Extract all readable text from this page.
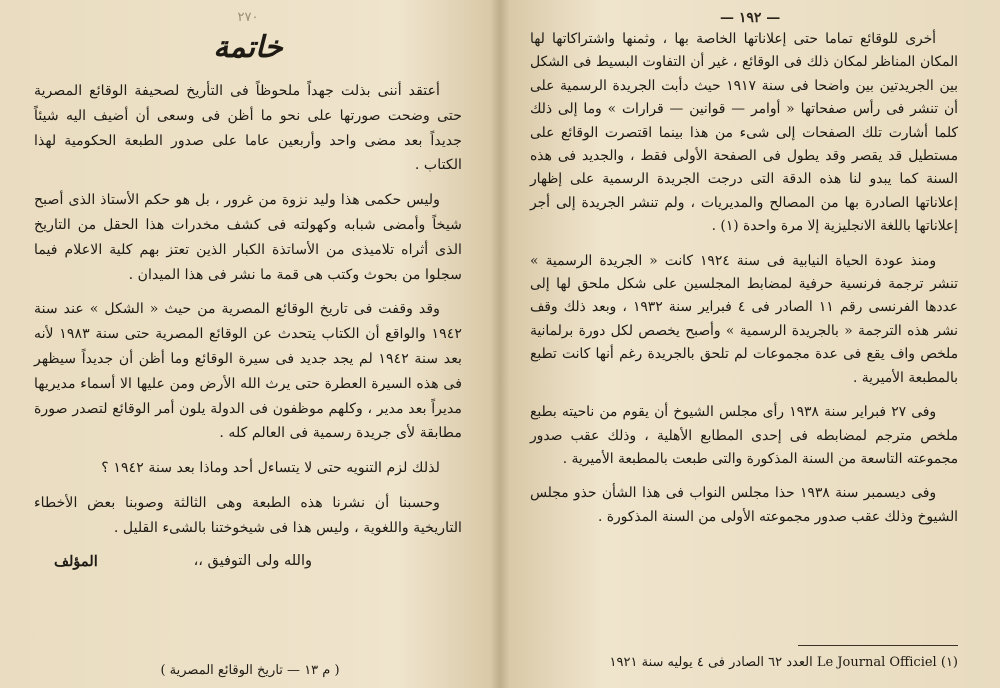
٢٧٠
خاتمة

أعتقد أننى بذلت جهداً ملحوظاً فى التأريخ لصحيفة الوقائع المصرية حتى وضحت صورتها على نحو ما أظن فى وسعى أن أضيف اليه شيئاً جديداً بعد مضى واحد وأربعين عاما على صدور الطبعة الحكومية لهذا الكتاب .

وليس حكمى هذا وليد نزوة من غرور ، بل هو حكم الأستاذ الذى أصبح شيخاً وأمضى شبابه وكهولته فى كشف مخدرات هذا الحقل من التاريخ الذى أثراه تلاميذى من الأساتذة الكبار الذين تعتز بهم كلية الاعلام فيما سجلوا من بحوث وكتب هى قمة ما نشر فى هذا الميدان .

وقد وقفت فى تاريخ الوقائع المصرية من حيث « الشكل » عند سنة ١٩٤٢ والواقع أن الكتاب يتحدث عن الوقائع المصرية حتى سنة ١٩٨٣ لأنه بعد سنة ١٩٤٢ لم يجد جديد فى سيرة الوقائع وما أظن أن جديداً سيظهر فى هذه السيرة العطرة حتى يرث الله الأرض ومن عليها الا أسماء مديريها مديراً بعد مدير ، وكلهم موظفون فى الدولة يلون أمر الوقائع لتصدر صورة مطابقة لأى جريدة رسمية فى العالم كله .

لذلك لزم التنويه حتى لا يتساءل أحد وماذا بعد سنة ١٩٤٢ ؟

وحسبنا أن نشرنا هذه الطبعة وهى الثالثة وصوبنا بعض الأخطاء التاريخية واللغوية ، وليس هذا فى شيخوختنا بالشىء القليل .

والله ولى التوفيق ،،
المؤلف
( م ١٣ — تاريخ الوقائع المصرية )
— ١٩٢ —

أخرى للوقائع تماما حتى إعلاناتها الخاصة بها ، وثمنها واشتراكاتها لها المكان المناظر لمكان ذلك فى الوقائع ، غير أن التفاوت البسيط فى الشكل بين الجريدتين بين واضحا فى سنة ١٩١٧ حيث دأبت الجريدة الرسمية على أن تنشر فى رأس صفحاتها « أوامر — قوانين — قرارات » وما إلى ذلك كلما أشارت تلك الصفحات إلى شىء من هذا بينما اقتصرت الوقائع على مستطيل قد يقصر وقد يطول فى الصفحة الأولى فقط ، والجديد فى هذه السنة كما يبدو لنا هذه الدقة التى درجت الجريدة الرسمية على إظهار إعلاناتها الصادرة بها من المصالح والمديريات ، ولم تنشر الجريدة إلى أجر إعلاناتها باللغة الانجليزية إلا مرة واحدة (١) .

ومنذ عودة الحياة النيابية فى سنة ١٩٢٤ كانت « الجريدة الرسمية » تنشر ترجمة فرنسية حرفية لمضابط المجلسين على شكل ملحق لها إلى عددها الفرنسى رقم ١١ الصادر فى ٤ فبراير سنة ١٩٣٢ ، وبعد ذلك وقف نشر هذه الترجمة « بالجريدة الرسمية » وأصبح يخصص لكل دورة برلمانية ملخص واف يقع فى عدة مجموعات لم تلحق بالجريدة رغم أنها كانت تطبع بالمطبعة الأميرية .

وفى ٢٧ فبراير سنة ١٩٣٨ رأى مجلس الشيوخ أن يقوم من ناحيته بطبع ملخص مترجم لمضابطه فى إحدى المطابع الأهلية ، وذلك عقب صدور مجموعته التاسعة من السنة المذكورة والتى طبعت بالمطبعة الأميرية .

وفى ديسمبر سنة ١٩٣٨ حذا مجلس النواب فى هذا الشأن حذو مجلس الشيوخ وذلك عقب صدور مجموعته الأولى من السنة المذكورة .

(١) Le Journal Officiel العدد ٦٢ الصادر فى ٤ يوليه سنة ١٩٢١
